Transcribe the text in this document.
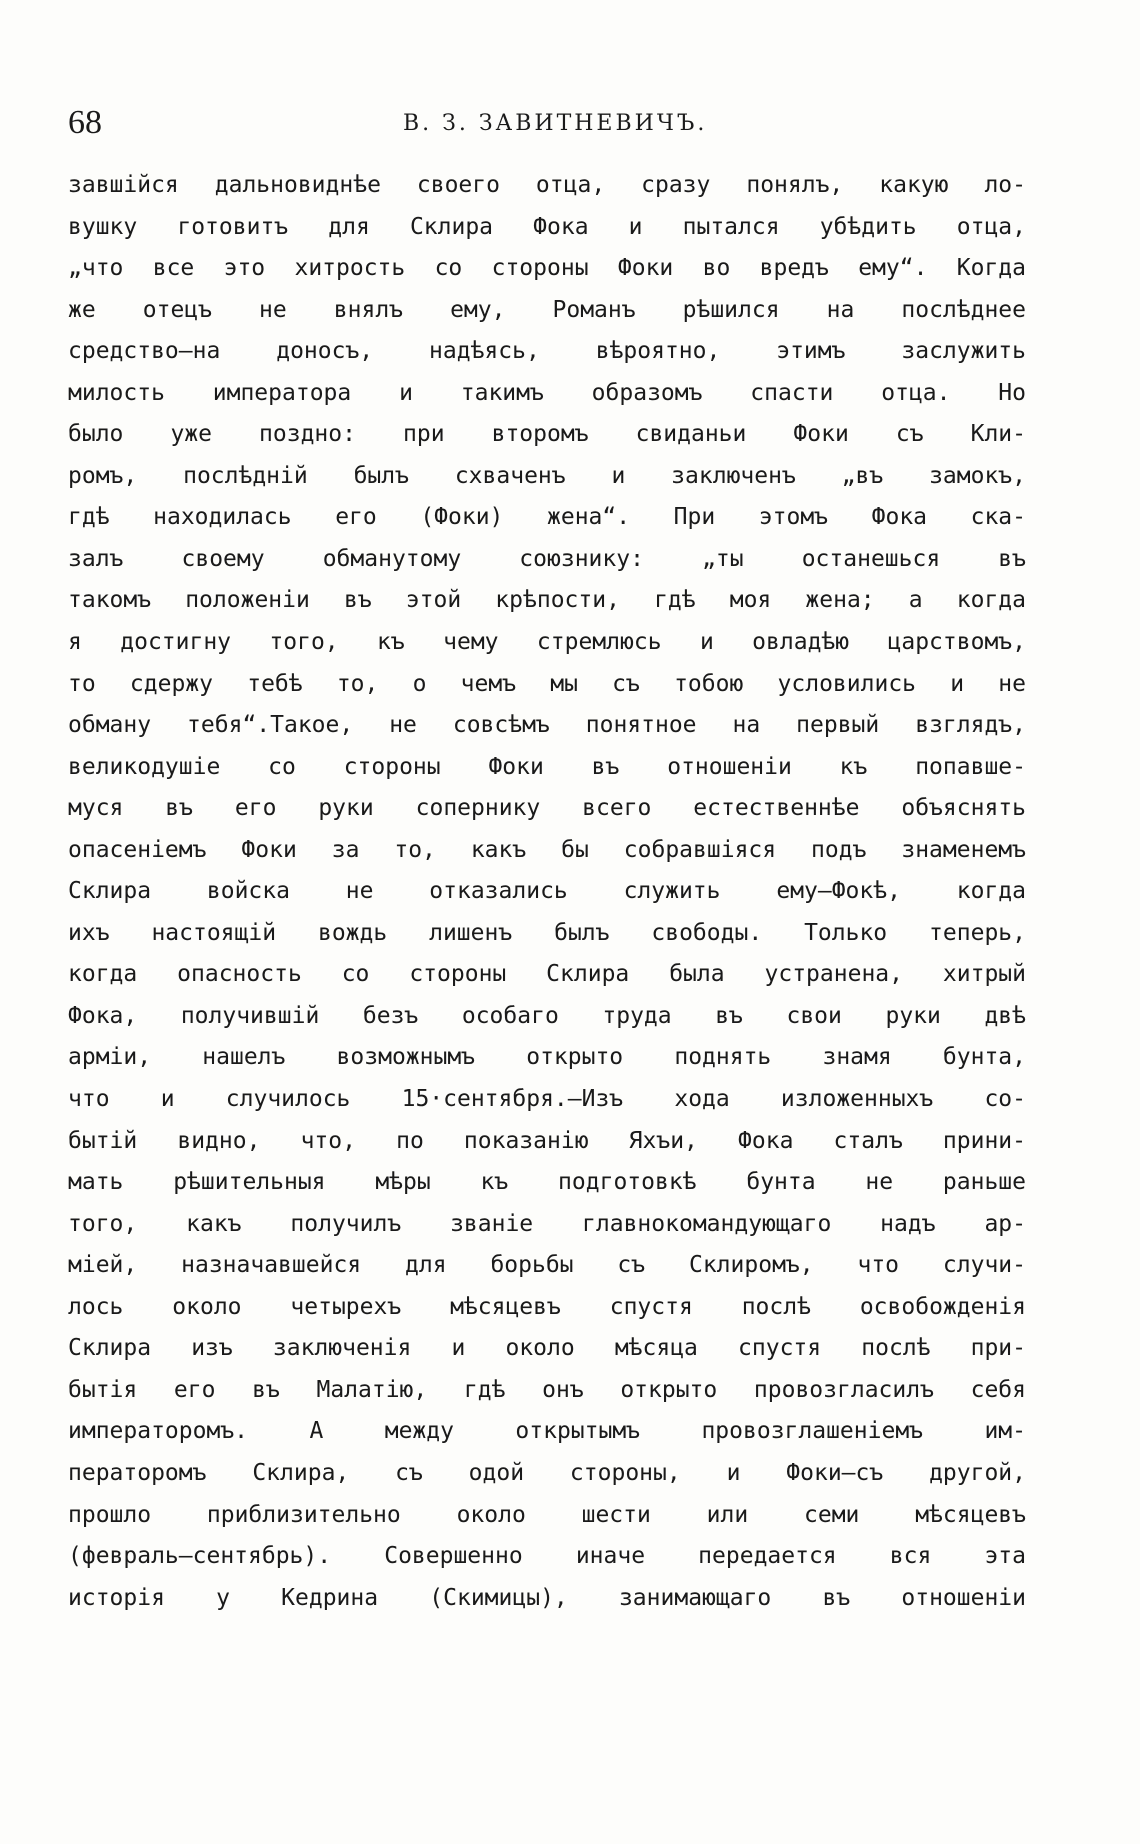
68	В. З. ЗАВИТНЕВИЧЪ.
завшійся дальновиднѣе своего отца, сразу понялъ, какую ло-
вушку готовитъ для Склира Фока и пытался убѣдить отца,
„что все это хитрость со стороны Фоки во вредъ ему“. Когда
же отецъ не внялъ ему, Романъ рѣшился на послѣднее
средство—на доносъ, надѣясь, вѣроятно, этимъ заслужить
милость императора и такимъ образомъ спасти отца. Но
было уже поздно: при второмъ свиданьи Фоки съ Кли-
ромъ, послѣдній былъ схваченъ и заключенъ „въ замокъ,
гдѣ находилась его (Фоки) жена“. При этомъ Фока ска-
залъ своему обманутому союзнику: „ты останешься въ
такомъ положеніи въ этой крѣпости, гдѣ моя жена; а когда
я достигну того, къ чему стремлюсь и овладѣю царствомъ,
то сдержу тебѣ то, о чемъ мы съ тобою условились и не
обману тебя“.Такое, не совсѣмъ понятное на первый взглядъ,
великодушіе со стороны Фоки въ отношеніи къ попавше-
муся въ его руки сопернику всего естественнѣе объяснять
опасеніемъ Фоки за то, какъ бы собравшіяся подъ знаменемъ
Склира войска не отказались служить ему—Фокѣ, когда
ихъ настоящій вождь лишенъ былъ свободы. Только теперь,
когда опасность со стороны Склира была устранена, хитрый
Фока, получившій безъ особаго труда въ свои руки двѣ
арміи, нашелъ возможнымъ открыто поднять знамя бунта,
что и случилось 15·сентября.—Изъ хода изложенныхъ со-
бытій видно, что, по показанію Яхъи, Фока сталъ прини-
мать рѣшительныя мѣры къ подготовкѣ бунта не раньше
того, какъ получилъ званіе главнокомандующаго надъ ар-
міей, назначавшейся для борьбы съ Склиромъ, что случи-
лось около четырехъ мѣсяцевъ спустя послѣ освобожденія
Склира изъ заключенія и около мѣсяца спустя послѣ при-
бытія его въ Малатію, гдѣ онъ открыто провозгласилъ себя
императоромъ. А между открытымъ провозглашеніемъ им-
ператоромъ Склира, съ одой стороны, и Фоки—съ другой,
прошло приблизительно около шести или семи мѣсяцевъ
(февраль—сентябрь). Совершенно иначе передается вся эта
исторія у Кедрина (Скимицы), занимающаго въ отношеніи
